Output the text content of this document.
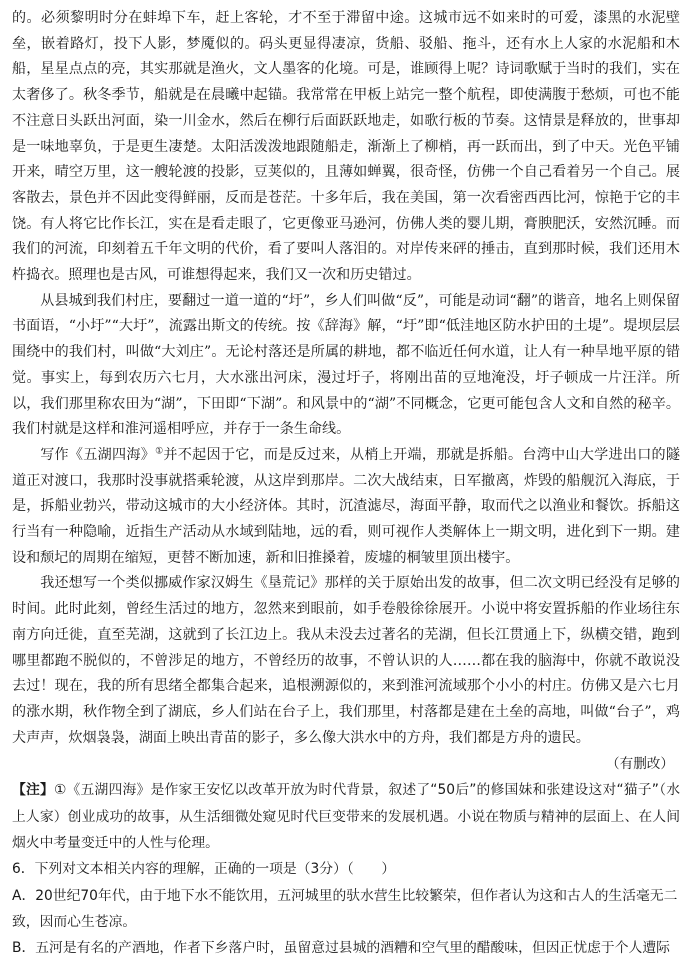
的。必须黎明时分在蚌埠下车，赶上客轮，才不至于滞留中途。这城市远不如来时的可爱，漆黑的水泥壁垒，嵌着路灯，投下人影，梦魇似的。码头更显得凄凉，货船、驳船、拖斗，还有水上人家的水泥船和木船，星星点点的亮，其实那就是渔火，文人墨客的化境。可是，谁顾得上呢？诗词歌赋于当时的我们，实在太奢侈了。秋冬季节，船就是在晨曦中起锚。我常常在甲板上站完一整个航程，即使满腹于愁烦，可也不能不注意日头跃出河面，染一川金水，然后在柳行后面跃跃地走，如歌行板的节奏。这情景是释放的，世事却是一味地辜负，于是更生凄楚。太阳活泼泼地跟随船走，渐渐上了柳梢，再一跃而出，到了中天。光色平铺开来，晴空万里，这一艘轮渡的投影，豆荚似的，且薄如蝉翼，很奇怪，仿佛一个自己看着另一个自己。展客散去，景色并不因此变得鲜丽，反而是苍茫。十多年后，我在美国，第一次看密西西比河，惊艳于它的丰饶。有人将它比作长江，实在是看走眼了，它更像亚马逊河，仿佛人类的婴儿期，膏腴肥沃，安然沉睡。而我们的河流，印刻着五千年文明的代价，看了要叫人落泪的。对岸传来砰的捶击，直到那时候，我们还用木杵捣衣。照理也是古风，可谁想得起来，我们又一次和历史错过。

从县城到我们村庄，要翻过一道一道的“圩”，乡人们叫做“反”，可能是动词“翻”的谐音，地名上则保留书面语，“小圩”“大圩”，流露出斯文的传统。按《辞海》解，“圩”即“低洼地区防水护田的土堤”。堤坝层层围绕中的我们村，叫做“大刘庄”。无论村落还是所属的耕地，都不临近任何水道，让人有一种旱地平原的错觉。事实上，每到农历六七月，大水涨出河床，漫过圩子，将刚出苗的豆地淹没，圩子顿成一片汪洋。所以，我们那里称农田为“湖”，下田即“下湖”。和风景中的“湖”不同概念，它更可能包含人文和自然的秘辛。我们村就是这样和淮河遥相呼应，并存于一条生命线。

写作《五湖四海》①并不起因于它，而是反过来，从梢上开端，那就是拆船。台湾中山大学进出口的隧道正对渡口，我那时没事就搭乘轮渡，从这岸到那岸。二次大战结束，日军撤离，炸毁的船舰沉入海底，于是，拆船业勃兴，带动这城市的大小经济体。其时，沉渣滤尽，海面平静，取而代之以渔业和餐饮。拆船这行当有一种隐喻，近指生产活动从水域到陆地，远的看，则可视作人类解体上一期文明，进化到下一期。建设和颓圮的周期在缩短，更替不断加速，新和旧推搡着，废墟的桐皱里顶出楼宇。

我还想写一个类似挪威作家汉姆生《垦荒记》那样的关于原始出发的故事，但二次文明已经没有足够的时间。此时此刻，曾经生活过的地方，忽然来到眼前，如手卷般徐徐展开。小说中将安置拆船的作业场往东南方向迁徙，直至芜湖，这就到了长江边上。我从未没去过著名的芜湖，但长江贯通上下，纵横交错，跑到哪里都跑不脱似的，不曾涉足的地方，不曾经历的故事，不曾认识的人……都在我的脑海中，你就不敢说没去过！现在，我的所有思绪全都集合起来，追根溯源似的，来到淮河流域那个小小的村庄。仿佛又是六七月的涨水期，秋作物全到了湖底，乡人们站在台子上，我们那里，村落都是建在土垒的高地，叫做“台子”，鸡犬声声，炊烟袅袅，湖面上映出青苗的影子，多么像大洪水中的方舟，我们都是方舟的遗民。

（有删改）

【注】①《五湖四海》是作家王安忆以改革开放为时代背景，叙述了“50后”的修国妹和张建设这对“猫子”（水上人家）创业成功的故事，从生活细微处窥见时代巨变带来的发展机遇。小说在物质与精神的层面上、在人间烟火中考量变迁中的人性与伦理。

6．下列对文本相关内容的理解，正确的一项是（3分）（　　）

A．20世纪70年代，由于地下水不能饮用，五河城里的驮水营生比较繁荣，但作者认为这和古人的生活毫无二

致，因而心生苍凉。

B．五河是有名的产酒地，作者下乡落户时，虽留意过县城的酒糟和空气里的醋酸味，但因正忧虑于个人遭际
